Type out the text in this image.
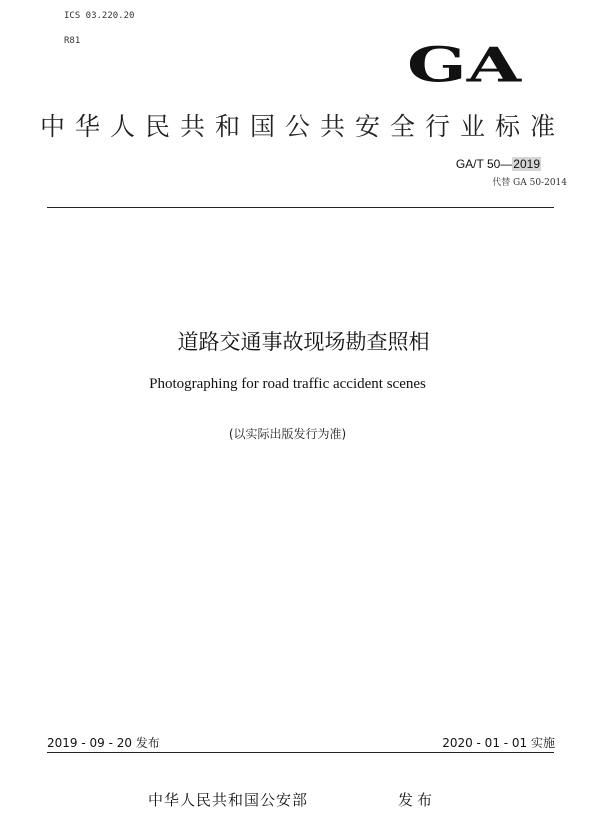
ICS 03.220.20
R81	GA
中华人民共和国公共安全行业标准
GA/T 50—2019
代替 GA 50-2014
道路交通事故现场勘查照相
Photographing for road traffic accident scenes
(以实际出版发行为准)
2019 - 09 - 20 发布	2020 - 01 - 01 实施
中华人民共和国公安部	发布
